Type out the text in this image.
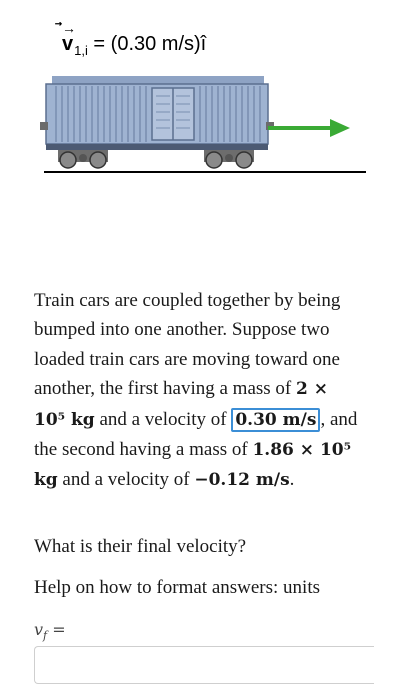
⃗→
$v_{1,i} = (0.30$ m/s)î

Train cars are coupled together by being bumped into one another. Suppose two loaded train cars are moving toward one another, the first having a mass of 2 × 10⁵ kg and a velocity of 0.30 m/s , and the second having a mass of 1.86 × 10⁵ kg and a velocity of −0.12 m/s.

What is their final velocity?
Help on how to format answers: units
$v_f$ =
